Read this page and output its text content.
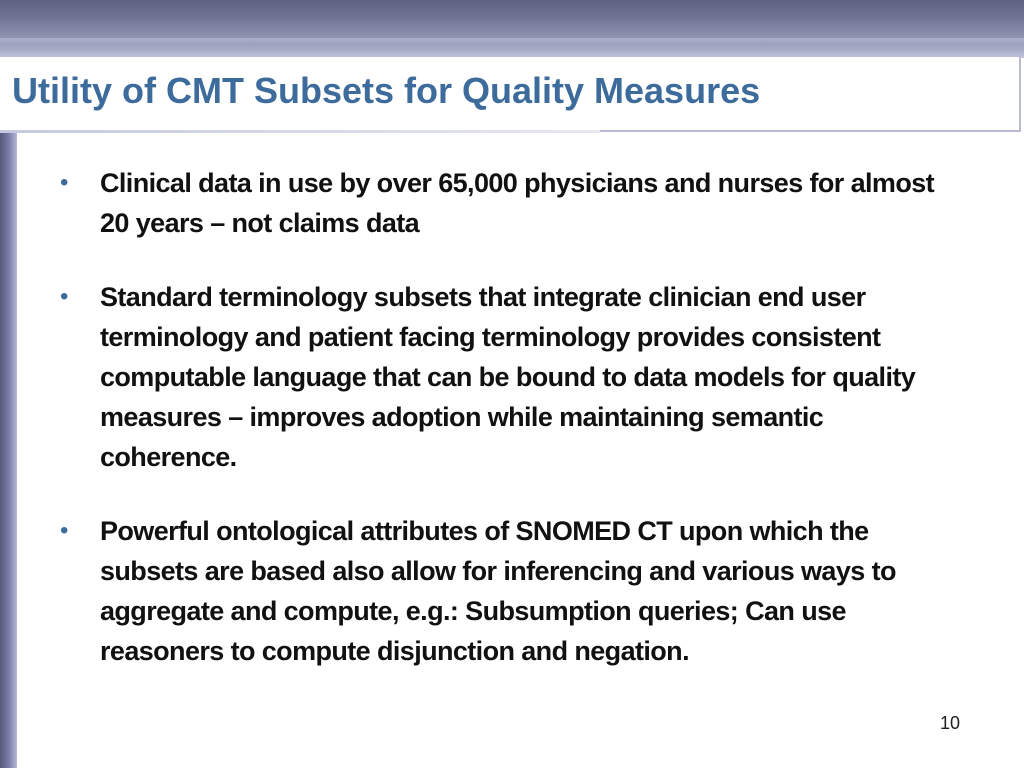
Utility of CMT Subsets for Quality Measures
• Clinical data in use by over 65,000 physicians and nurses for almost 20 years – not claims data
• Standard terminology subsets that integrate clinician end user terminology and patient facing terminology provides consistent computable language that can be bound to data models for quality measures – improves adoption while maintaining semantic coherence.
• Powerful ontological attributes of SNOMED CT upon which the subsets are based also allow for inferencing and various ways to aggregate and compute, e.g.: Subsumption queries; Can use reasoners to compute disjunction and negation.
10
